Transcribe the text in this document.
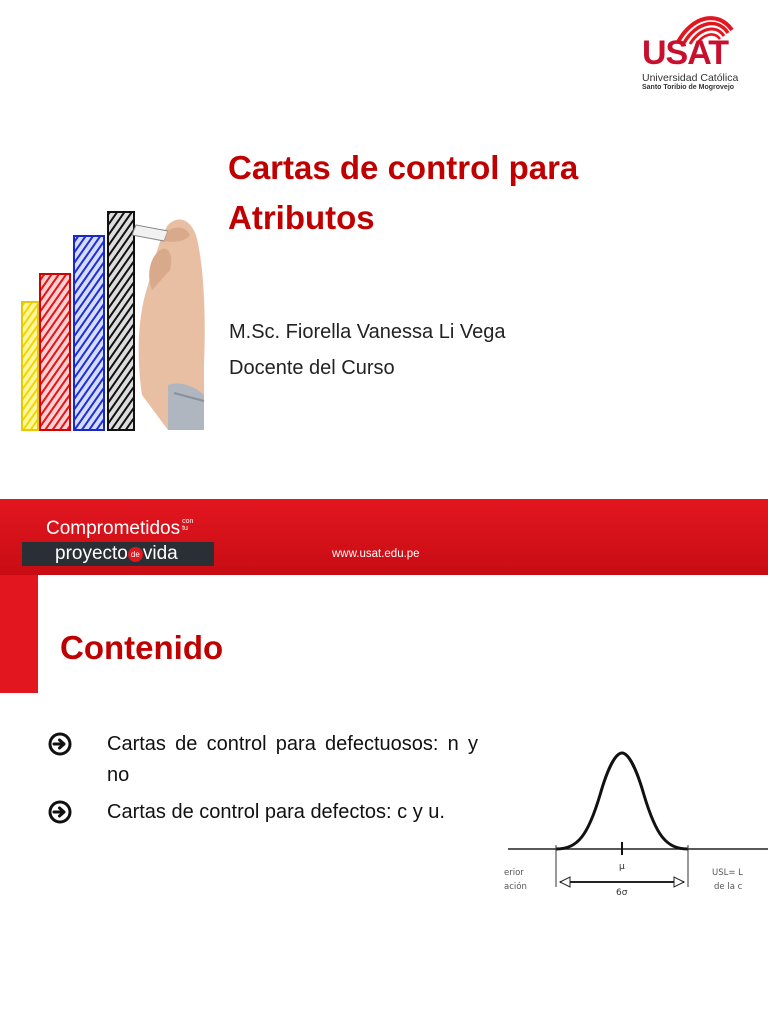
USAT
Universidad Católica
Santo Toribio de Mogrovejo
Cartas de control para
Atributos
M.Sc. Fiorella Vanessa Li Vega
Docente del Curso
Comprometidos con
tu
proyecto de vida	www.usat.edu.pe
Contenido
Cartas de control para defectuosos: n y no
Cartas de control para defectos: c y u.
μ
6σ
erior
ación
USL= L
de la c
